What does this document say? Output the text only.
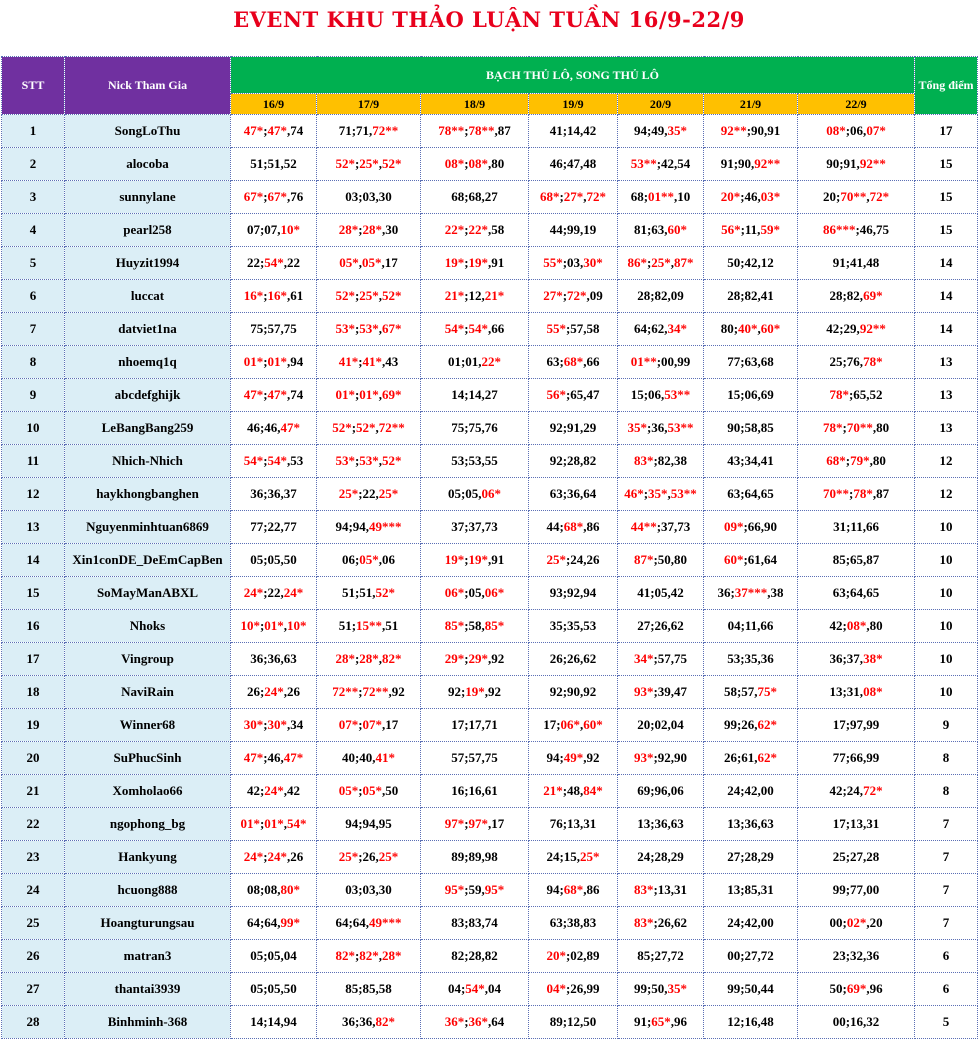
EVENT KHU THẢO LUẬN TUẦN 16/9-22/9
STT	Nick Tham Gia	BẠCH THỦ LÔ, SONG THỦ LÔ							Tổng điểm
		16/9	17/9	18/9	19/9	20/9	21/9	22/9	
1	SongLoThu	47*;47*,74	71;71,72**	78**;78**,87	41;14,42	94;49,35*	92**;90,91	08*;06,07*	17
2	alocoba	51;51,52	52*;25*,52*	08*;08*,80	46;47,48	53**;42,54	91;90,92**	90;91,92**	15
3	sunnylane	67*;67*,76	03;03,30	68;68,27	68*;27*,72*	68;01**,10	20*;46,03*	20;70**,72*	15
4	pearl258	07;07,10*	28*;28*,30	22*;22*,58	44;99,19	81;63,60*	56*;11,59*	86***;46,75	15
5	Huyzit1994	22;54*,22	05*,05*,17	19*;19*,91	55*;03,30*	86*;25*,87*	50;42,12	91;41,48	14
6	luccat	16*;16*,61	52*;25*,52*	21*;12,21*	27*;72*,09	28;82,09	28;82,41	28;82,69*	14
7	datviet1na	75;57,75	53*;53*,67*	54*;54*,66	55*;57,58	64;62,34*	80;40*,60*	42;29,92**	14
8	nhoemq1q	01*;01*,94	41*;41*,43	01;01,22*	63;68*,66	01**;00,99	77;63,68	25;76,78*	13
9	abcdefghijk	47*;47*,74	01*;01*,69*	14;14,27	56*;65,47	15;06,53**	15;06,69	78*;65,52	13
10	LeBangBang259	46;46,47*	52*;52*,72**	75;75,76	92;91,29	35*;36,53**	90;58,85	78*;70**,80	13
11	Nhich-Nhich	54*;54*,53	53*;53*,52*	53;53,55	92;28,82	83*;82,38	43;34,41	68*;79*,80	12
12	haykhongbanghen	36;36,37	25*;22,25*	05;05,06*	63;36,64	46*;35*,53**	63;64,65	70**;78*,87	12
13	Nguyenminhtuan6869	77;22,77	94;94,49***	37;37,73	44;68*,86	44**;37,73	09*;66,90	31;11,66	10
14	Xin1conDE_DeEmCapBen	05;05,50	06;05*,06	19*;19*,91	25*;24,26	87*;50,80	60*;61,64	85;65,87	10
15	SoMayManABXL	24*;22,24*	51;51,52*	06*;05,06*	93;92,94	41;05,42	36;37***,38	63;64,65	10
16	Nhoks	10*;01*,10*	51;15**,51	85*;58,85*	35;35,53	27;26,62	04;11,66	42;08*,80	10
17	Vingroup	36;36,63	28*;28*,82*	29*;29*,92	26;26,62	34*;57,75	53;35,36	36;37,38*	10
18	NaviRain	26;24*,26	72**;72**,92	92;19*,92	92;90,92	93*;39,47	58;57,75*	13;31,08*	10
19	Winner68	30*;30*,34	07*;07*,17	17;17,71	17;06*,60*	20;02,04	99;26,62*	17;97,99	9
20	SuPhucSinh	47*;46,47*	40;40,41*	57;57,75	94;49*,92	93*;92,90	26;61,62*	77;66,99	8
21	Xomholao66	42;24*,42	05*;05*,50	16;16,61	21*;48,84*	69;96,06	24;42,00	42;24,72*	8
22	ngophong_bg	01*;01*,54*	94;94,95	97*;97*,17	76;13,31	13;36,63	13;36,63	17;13,31	7
23	Hankyung	24*;24*,26	25*;26,25*	89;89,98	24;15,25*	24;28,29	27;28,29	25;27,28	7
24	hcuong888	08;08,80*	03;03,30	95*;59,95*	94;68*,86	83*;13,31	13;85,31	99;77,00	7
25	Hoangturungsau	64;64,99*	64;64,49***	83;83,74	63;38,83	83*;26,62	24;42,00	00;02*,20	7
26	matran3	05;05,04	82*;82*,28*	82;28,82	20*;02,89	85;27,72	00;27,72	23;32,36	6
27	thantai3939	05;05,50	85;85,58	04;54*,04	04*;26,99	99;50,35*	99;50,44	50;69*,96	6
28	Binhminh-368	14;14,94	36;36,82*	36*;36*,64	89;12,50	91;65*,96	12;16,48	00;16,32	5
